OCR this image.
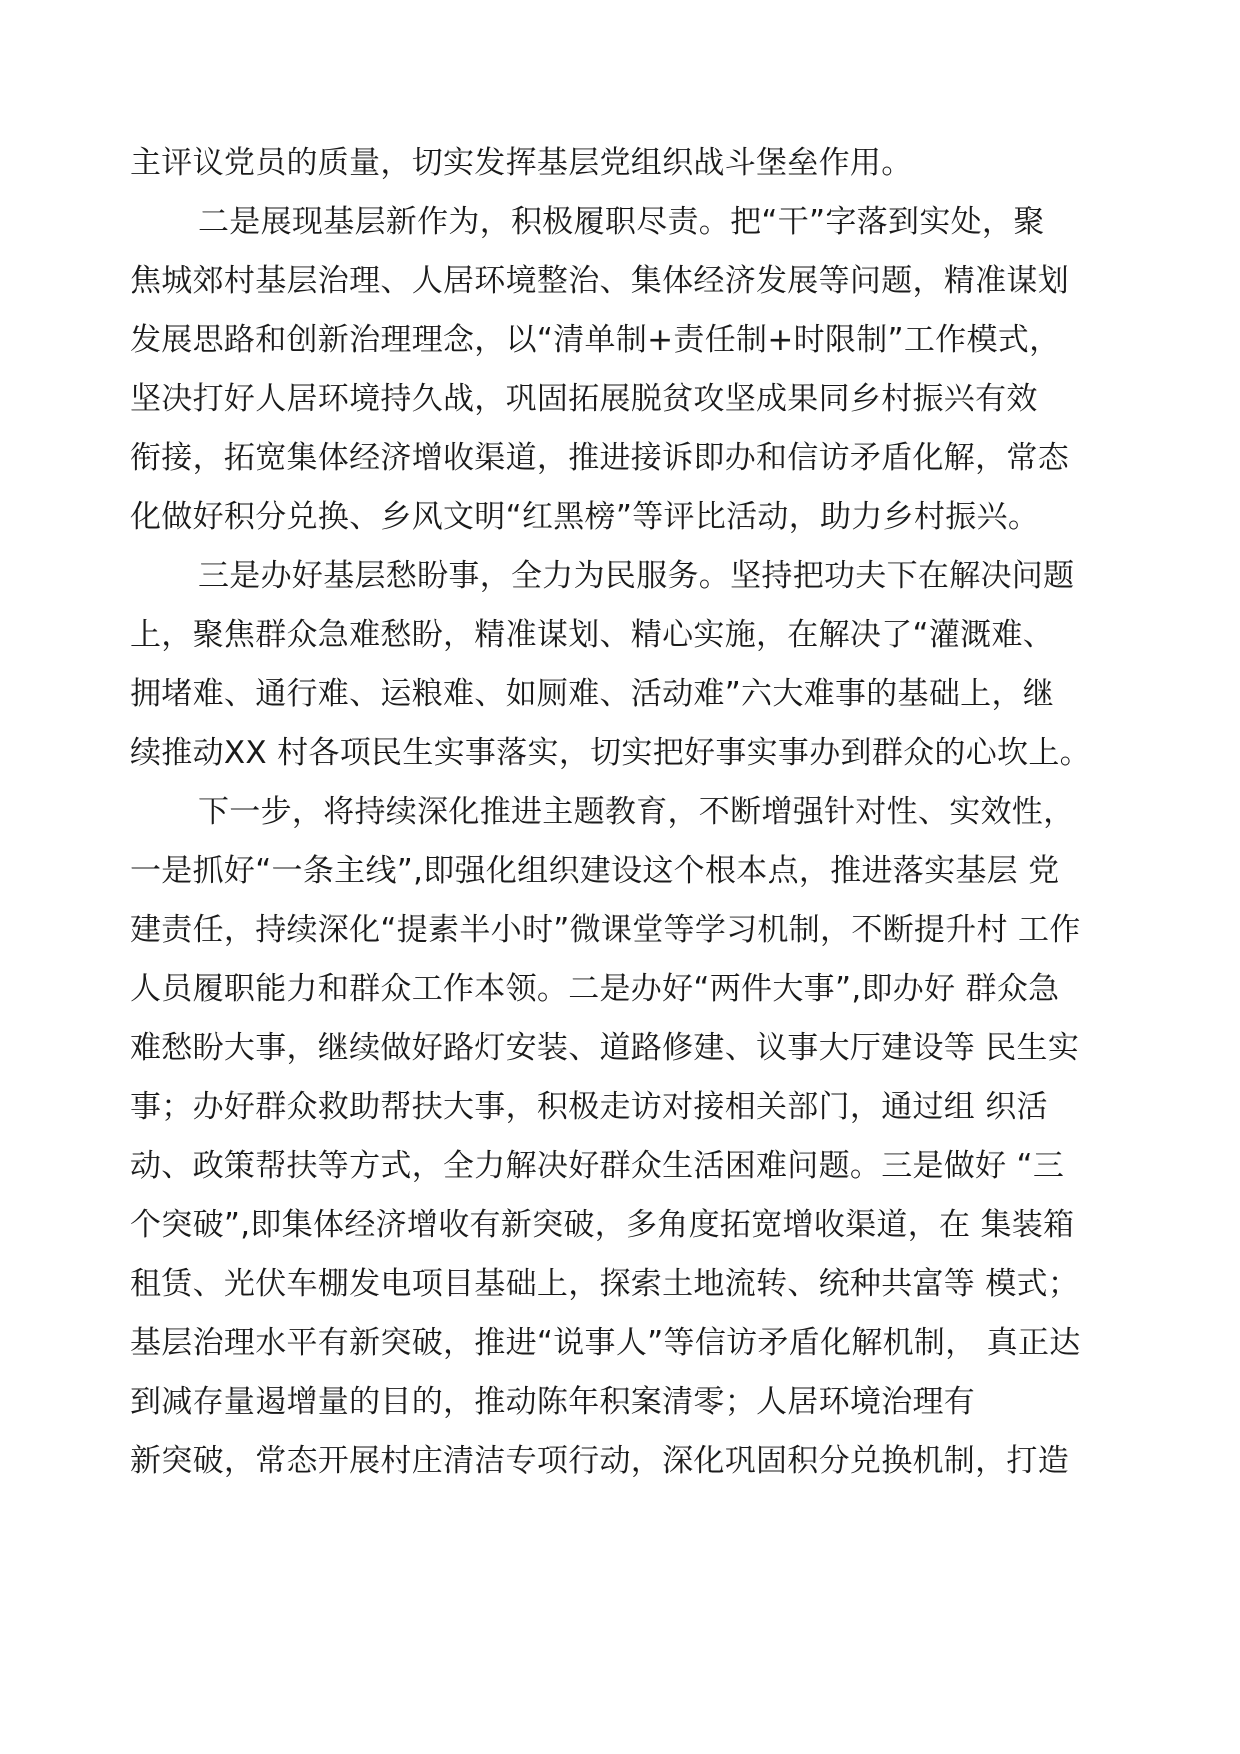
主评议党员的质量，切实发挥基层党组织战斗堡垒作用。
二是展现基层新作为，积极履职尽责。把“干”字落到实处，聚
焦城郊村基层治理、人居环境整治、集体经济发展等问题，精准谋划
发展思路和创新治理理念，以“清单制+责任制+时限制”工作模式，
坚决打好人居环境持久战，巩固拓展脱贫攻坚成果同乡村振兴有效
衔接，拓宽集体经济增收渠道，推进接诉即办和信访矛盾化解，常态
化做好积分兑换、乡风文明“红黑榜”等评比活动，助力乡村振兴。
三是办好基层愁盼事，全力为民服务。坚持把功夫下在解决问题
上，聚焦群众急难愁盼，精准谋划、精心实施，在解决了“灌溉难、
拥堵难、通行难、运粮难、如厕难、活动难”六大难事的基础上，继
续推动XX 村各项民生实事落实，切实把好事实事办到群众的心坎上。
下一步，将持续深化推进主题教育，不断增强针对性、实效性，
一是抓好“一条主线”,即强化组织建设这个根本点，推进落实基层 党
建责任，持续深化“提素半小时”微课堂等学习机制，不断提升村 工作
人员履职能力和群众工作本领。二是办好“两件大事”,即办好 群众急
难愁盼大事，继续做好路灯安装、道路修建、议事大厅建设等 民生实
事；办好群众救助帮扶大事，积极走访对接相关部门，通过组 织活
动、政策帮扶等方式，全力解决好群众生活困难问题。三是做好 “三
个突破”,即集体经济增收有新突破，多角度拓宽增收渠道，在 集装箱
租赁、光伏车棚发电项目基础上，探索土地流转、统种共富等 模式；
基层治理水平有新突破，推进“说事人”等信访矛盾化解机制， 真正达
到减存量遏增量的目的，推动陈年积案清零；人居环境治理有
新突破，常态开展村庄清洁专项行动，深化巩固积分兑换机制，打造
